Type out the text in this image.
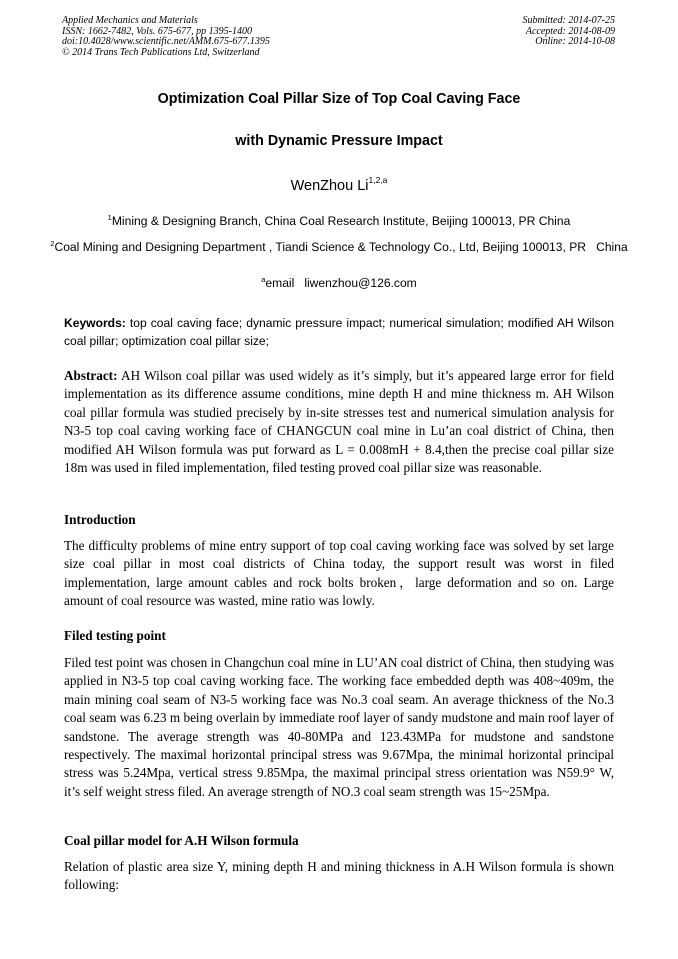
Applied Mechanics and Materials
ISSN: 1662-7482, Vols. 675-677, pp 1395-1400
doi:10.4028/www.scientific.net/AMM.675-677.1395
© 2014 Trans Tech Publications Ltd, Switzerland
Submitted: 2014-07-25
Accepted: 2014-08-09
Online: 2014-10-08
Optimization Coal Pillar Size of Top Coal Caving Face
with Dynamic Pressure Impact
WenZhou Li$^{1,2,a}$
$^1$Mining & Designing Branch, China Coal Research Institute, Beijing 100013, PR China
$^2$Coal Mining and Designing Department , Tiandi Science & Technology Co., Ltd, Beijing 100013, PR   China
$^a$email liwenzhou@126.com
Keywords: top coal caving face; dynamic pressure impact; numerical simulation; modified AH Wilson coal pillar; optimization coal pillar size;
Abstract: AH Wilson coal pillar was used widely as it’s simply, but it’s appeared large error for field implementation as its difference assume conditions, mine depth H and mine thickness m. AH Wilson coal pillar formula was studied precisely by in-site stresses test and numerical simulation analysis for N3-5 top coal caving working face of CHANGCUN coal mine in Lu’an coal district of China, then modified AH Wilson formula was put forward as L = 0.008mH + 8.4,then the precise coal pillar size 18m was used in filed implementation, filed testing proved coal pillar size was reasonable.
Introduction
The difficulty problems of mine entry support of top coal caving working face was solved by set large size coal pillar in most coal districts of China today, the support result was worst in filed implementation, large amount cables and rock bolts broken，large deformation and so on. Large amount of coal resource was wasted, mine ratio was lowly.
Filed testing point
Filed test point was chosen in Changchun coal mine in LU’AN coal district of China, then studying was applied in N3-5 top coal caving working face. The working face embedded depth was 408~409m, the main mining coal seam of N3-5 working face was No.3 coal seam. An average thickness of the No.3 coal seam was 6.23 m being overlain by immediate roof layer of sandy mudstone and main roof layer of sandstone. The average strength was 40-80MPa and 123.43MPa for mudstone and sandstone respectively. The maximal horizontal principal stress was 9.67Mpa, the minimal horizontal principal stress was 5.24Mpa, vertical stress 9.85Mpa, the maximal principal stress orientation was N59.9° W, it’s self weight stress filed. An average strength of NO.3 coal seam strength was 15~25Mpa.
Coal pillar model for A.H Wilson formula
Relation of plastic area size Y, mining depth H and mining thickness in A.H Wilson formula is shown following:
